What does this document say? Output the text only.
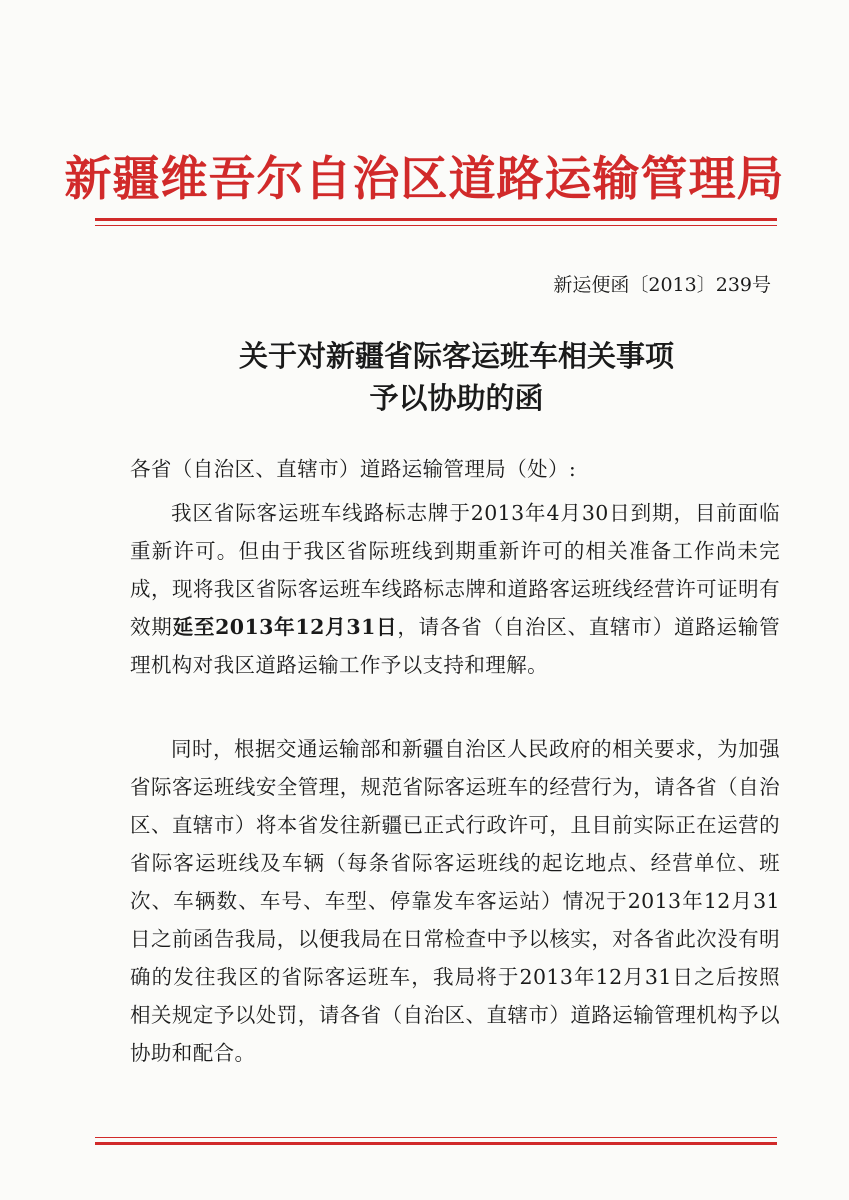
新疆维吾尔自治区道路运输管理局
新运便函〔2013〕239号
关于对新疆省际客运班车相关事项
予以协助的函
各省（自治区、直辖市）道路运输管理局（处）:
我区省际客运班车线路标志牌于2013年4月30日到期，目前面临重新许可。但由于我区省际班线到期重新许可的相关准备工作尚未完成，现将我区省际客运班车线路标志牌和道路客运班线经营许可证明有效期延至2013年12月31日，请各省（自治区、直辖市）道路运输管理机构对我区道路运输工作予以支持和理解。
同时，根据交通运输部和新疆自治区人民政府的相关要求，为加强省际客运班线安全管理，规范省际客运班车的经营行为，请各省（自治区、直辖市）将本省发往新疆已正式行政许可，且目前实际正在运营的省际客运班线及车辆（每条省际客运班线的起讫地点、经营单位、班次、车辆数、车号、车型、停靠发车客运站）情况于2013年12月31日之前函告我局，以便我局在日常检查中予以核实，对各省此次没有明确的发往我区的省际客运班车，我局将于2013年12月31日之后按照相关规定予以处罚，请各省（自治区、直辖市）道路运输管理机构予以协助和配合。
